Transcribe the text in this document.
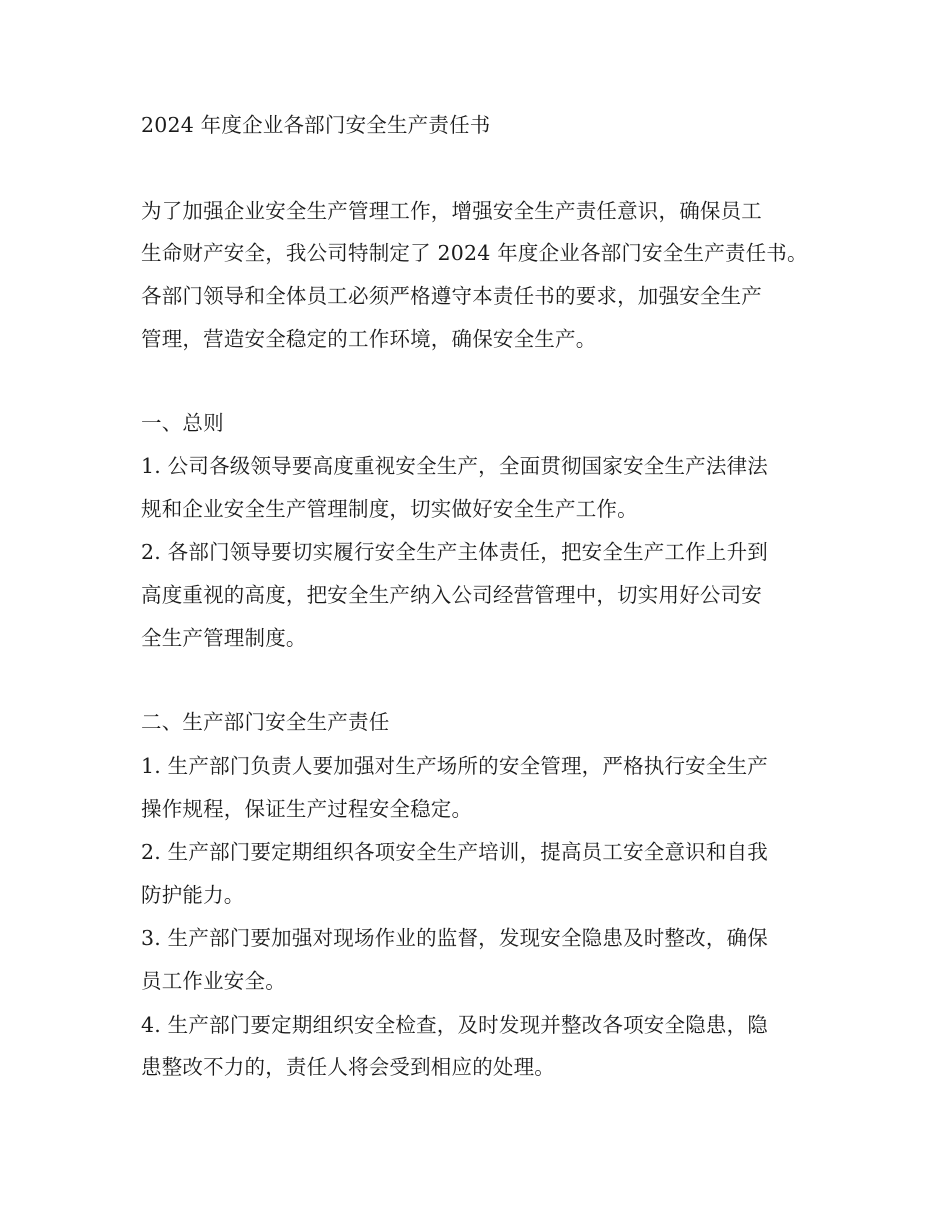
2024 年度企业各部门安全生产责任书
为了加强企业安全生产管理工作，增强安全生产责任意识，确保员工
生命财产安全，我公司特制定了 2024 年度企业各部门安全生产责任书。
各部门领导和全体员工必须严格遵守本责任书的要求，加强安全生产
管理，营造安全稳定的工作环境，确保安全生产。
一、总则
1. 公司各级领导要高度重视安全生产，全面贯彻国家安全生产法律法
规和企业安全生产管理制度，切实做好安全生产工作。
2. 各部门领导要切实履行安全生产主体责任，把安全生产工作上升到
高度重视的高度，把安全生产纳入公司经营管理中，切实用好公司安
全生产管理制度。
二、生产部门安全生产责任
1. 生产部门负责人要加强对生产场所的安全管理，严格执行安全生产
操作规程，保证生产过程安全稳定。
2. 生产部门要定期组织各项安全生产培训，提高员工安全意识和自我
防护能力。
3. 生产部门要加强对现场作业的监督，发现安全隐患及时整改，确保
员工作业安全。
4. 生产部门要定期组织安全检查，及时发现并整改各项安全隐患，隐
患整改不力的，责任人将会受到相应的处理。
